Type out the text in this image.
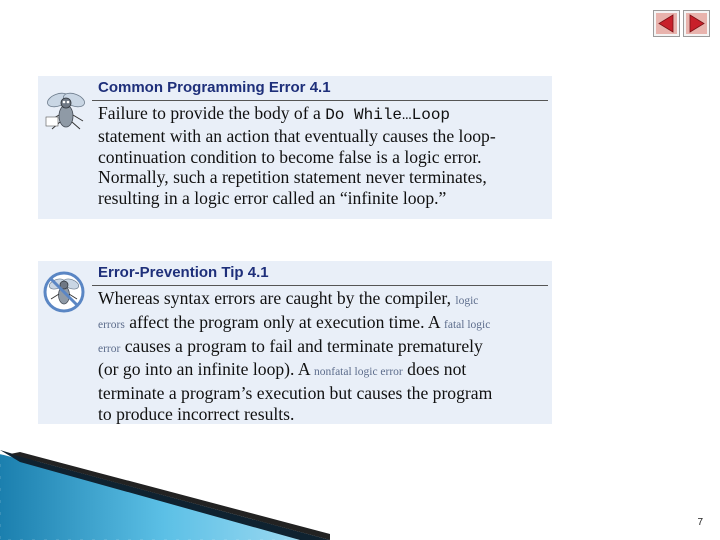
Common Programming Error 4.1
Failure to provide the body of a Do While…Loop
statement with an action that eventually causes the loop-
continuation condition to become false is a logic error.
Normally, such a repetition statement never terminates,
resulting in a logic error called an “infinite loop.”
Error-Prevention Tip 4.1
Whereas syntax errors are caught by the compiler, logic
errors affect the program only at execution time. A fatal logic
error causes a program to fail and terminate prematurely
(or go into an infinite loop). A nonfatal logic error does not
terminate a program’s execution but causes the program
to produce incorrect results.
7
